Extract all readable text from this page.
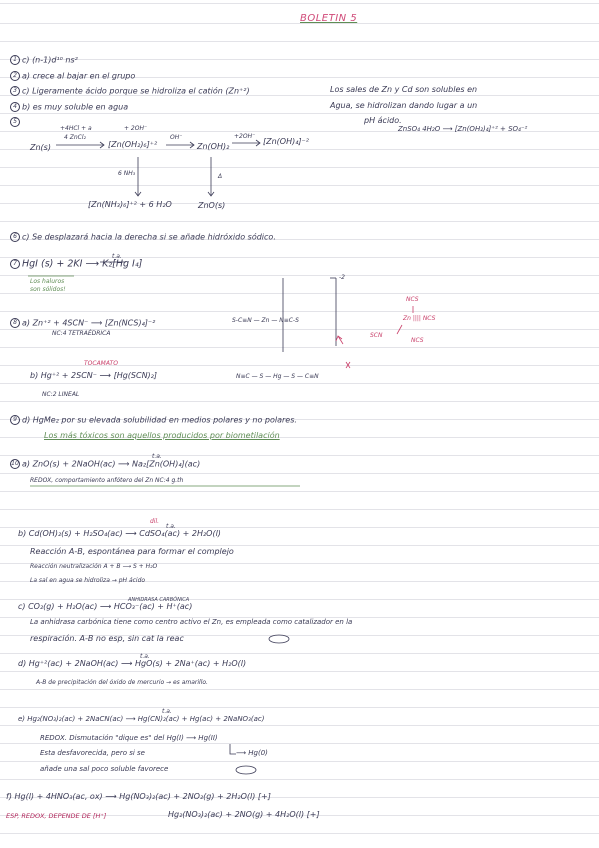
BOLETIN 5
1 c) (n-1)d¹⁰ ns²
2 a) crece al bajar en el grupo
3 c) Ligeramente ácido porque se hidroliza el catión (Zn⁺²)	Los sales de Zn y Cd son solubles en
Agua, se hidrolizan dando lugar a un
pH ácido.
ZnSO₄ 4H₂O ⟶ [Zn(OH₂)₄]⁺² + SO₄⁻²
4 b) es muy soluble en agua
5
+4HCl + a
4 ZnCl₂
Zn(s)	[Zn(OH₂)₆]⁺²
+ 2OH⁻
OH⁻
Zn(OH)₂
+2OH⁻
[Zn(OH)₄]⁻²
6 NH₃	Δ
[Zn(NH₃)₆]⁺² + 6 H₂O	ZnO(s)
6 c) Se desplazará hacia la derecha si se añade hidróxido sódico.
7 HgI (s) + 2KI ⟶ K₂[Hg I₄]
t.a.
Los haluros son sólidos!
8 a) Zn⁺² + 4SCN⁻ ⟶ [Zn(NCS)₄]⁻²
NC:4 TETRAÉDRICA
S-C≡N — Zn — N≡C-S
-2
NCS
Zn |||| NCS
SCN
NCS
TOCAMATO
b) Hg⁺² + 2SCN⁻ ⟶ [Hg(SCN)₂]	N≡C — S — Hg — S — C≡N
NC:2 LINEAL
9 d) HgMe₂ por su elevada solubilidad en medios polares y no polares.
Los más tóxicos son aquellos producidos por biometilación
10 a) ZnO(s) + 2NaOH(ac) ⟶ Na₂[Zn(OH)₄](ac)
t.a.
REDOX, comportamiento anfótero del Zn NC:4 g.th
b) Cd(OH)₂(s) + H₂SO₄(ac) ⟶ CdSO₄(ac) + 2H₂O(l)
dil.
t.a.
Reacción A-B, espontánea para formar el complejo
Reacción neutralización A + B ⟶ S + H₂O
La sal en agua se hidroliza → pH ácido
c) CO₂(g) + H₂O(ac) ⟶ HCO₃⁻(ac) + H⁺(ac)
ANHIDRASA CARBÓNICA
La anhidrasa carbónica tiene como centro activo el Zn, es empleada como catalizador en la
respiración. A-B no esp, sin cat la reac
d) Hg⁺²(ac) + 2NaOH(ac) ⟶ HgO(s) + 2Na⁺(ac) + H₂O(l)
t.a.
A-B de precipitación del óxido de mercurio → es amarillo.
e) Hg₂(NO₃)₂(ac) + 2NaCN(ac) ⟶ Hg(CN)₂(ac) + Hg(ac) + 2NaNO₃(ac)
t.a.
REDOX. Dismutación "dique es" del Hg(I) ⟶ Hg(II)
Esta desfavorecida, pero si se	⟶ Hg(0)
añade una sal poco soluble favorece
f) Hg(l) + 4HNO₃(ac, ox) ⟶ Hg(NO₃)₂(ac) + 2NO₂(g) + 2H₂O(l) [+]
ESP, REDOX, DEPENDE DE [H⁺]	Hg₂(NO₃)₂(ac) + 2NO(g) + 4H₂O(l) [+]
